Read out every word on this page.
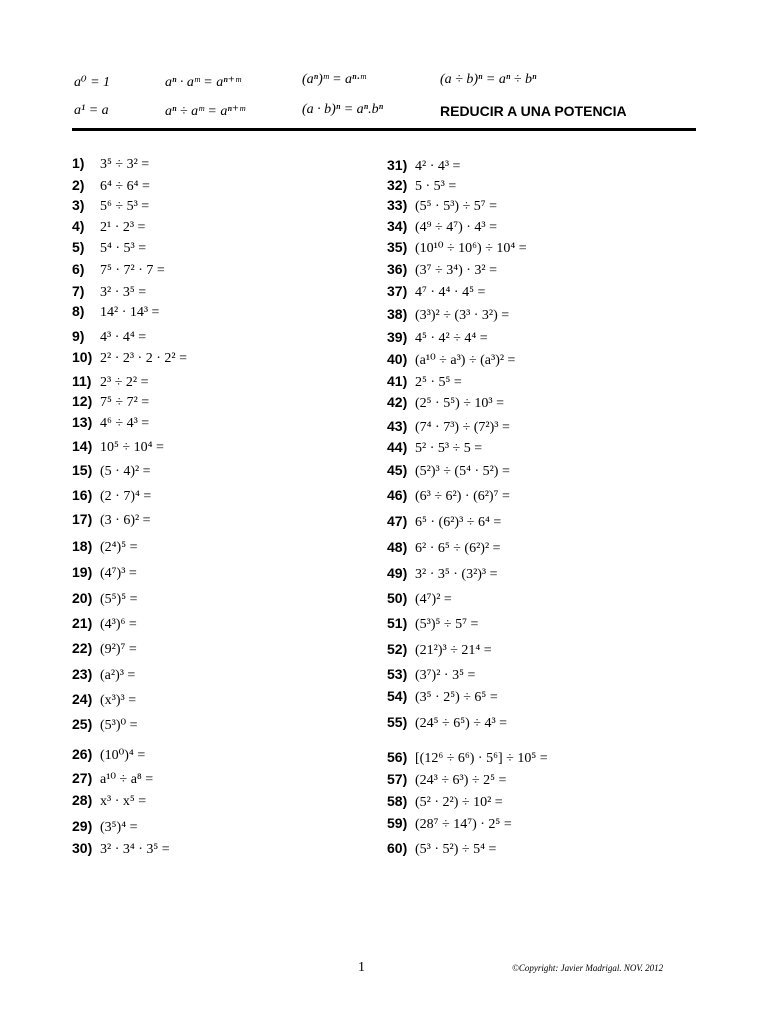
a⁰ = 1	aⁿ · aᵐ = aⁿ⁺ᵐ	(aⁿ)ᵐ = aⁿ·ᵐ	(a ÷ b)ⁿ = aⁿ ÷ bⁿ
a¹ = a	aⁿ ÷ aᵐ = aⁿ⁺ᵐ	(a · b)ⁿ = aⁿ.bⁿ	REDUCIR A UNA POTENCIA
1)	3⁵ ÷ 3² =
2)	6⁴ ÷ 6⁴ =
3)	5⁶ ÷ 5³ =
4)	2¹ · 2³ =
5)	5⁴ · 5³ =
6)	7⁵ · 7² · 7 =
7)	3² · 3⁵ =
8)	14² · 14³ =
9)	4³ · 4⁴ =
10) 2² · 2³ · 2 · 2² =
11) 2³ ÷ 2² =
12) 7⁵ ÷ 7² =
13) 4⁶ ÷ 4³ =
14) 10⁵ ÷ 10⁴ =
15) (5 · 4)² =
16) (2 · 7)⁴ =
17) (3 · 6)² =
18) (2⁴)⁵ =
19) (4⁷)³ =
20) (5⁵)⁵ =
21) (4³)⁶ =
22) (9²)⁷ =
23) (a²)³ =
24) (x³)³ =
25) (5³)⁰ =
26) (10⁰)⁴ =
27) a¹⁰ ÷ a⁸ =
28) x³ · x⁵ =
29) (3⁵)⁴ =
30) 3² · 3⁴ · 3⁵ =
31) 4² · 4³ =
32) 5 · 5³ =
33) (5⁵ · 5³) ÷ 5⁷ =
34) (4⁹ ÷ 4⁷) · 4³ =
35) (10¹⁰ ÷ 10⁶) ÷ 10⁴ =
36) (3⁷ ÷ 3⁴) · 3² =
37) 4⁷ · 4⁴ · 4⁵ =
38) (3³)² ÷ (3³ · 3²) =
39) 4⁵ · 4² ÷ 4⁴ =
40) (a¹⁰ ÷ a³) ÷ (a³)² =
41) 2⁵ · 5⁵ =
42) (2⁵ · 5⁵) ÷ 10³ =
43) (7⁴ · 7³) ÷ (7²)³ =
44) 5² · 5³ ÷ 5 =
45) (5²)³ ÷ (5⁴ · 5²) =
46) (6³ ÷ 6²) · (6²)⁷ =
47) 6⁵ · (6²)³ ÷ 6⁴ =
48) 6² · 6⁵ ÷ (6²)² =
49) 3² · 3⁵ · (3²)³ =
50) (4⁷)² =
51) (5³)⁵ ÷ 5⁷ =
52) (21²)³ ÷ 21⁴ =
53) (3⁷)² · 3⁵ =
54) (3⁵ · 2⁵) ÷ 6⁵ =
55) (24⁵ ÷ 6⁵) ÷ 4³ =
56) [(12⁶ ÷ 6⁶) · 5⁶] ÷ 10⁵ =
57) (24³ ÷ 6³) ÷ 2⁵ =
58) (5² · 2²) ÷ 10² =
59) (28⁷ ÷ 14⁷) · 2⁵ =
60) (5³ · 5²) ÷ 5⁴ =
1	©Copyright: Javier Madrigal. NOV. 2012
